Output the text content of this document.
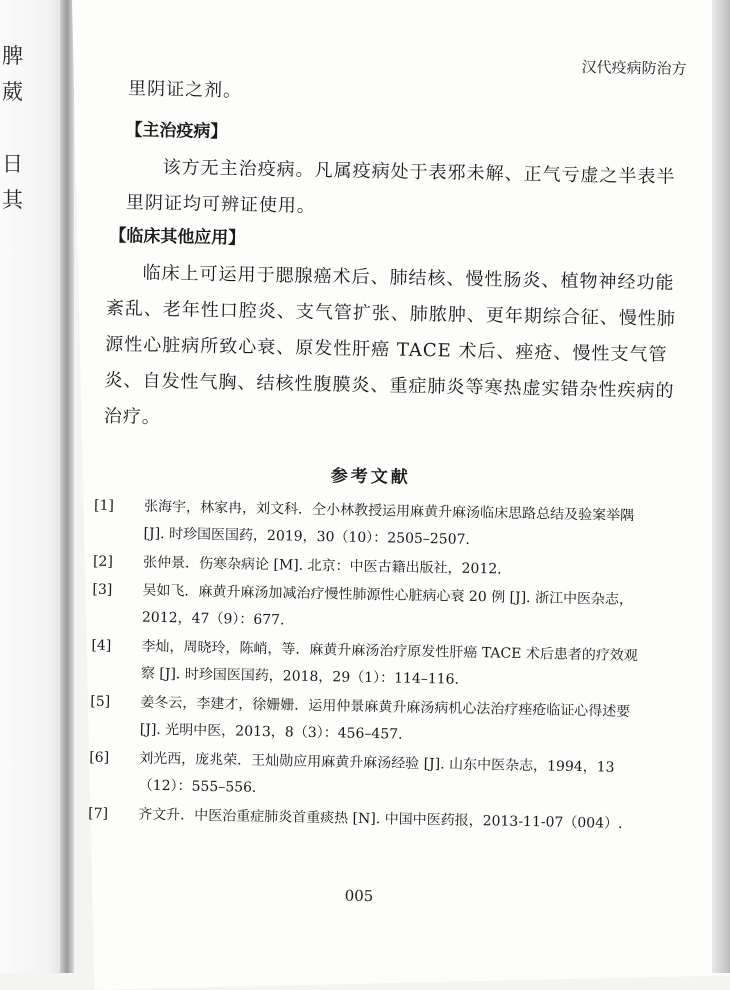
脾
葳
日
其
汉代疫病防治方
里阴证之剂。
【主治疫病】
该方无主治疫病。凡属疫病处于表邪未解、正气亏虚之半表半里阴证均可辨证使用。
【临床其他应用】
临床上可运用于腮腺癌术后、肺结核、慢性肠炎、植物神经功能紊乱、老年性口腔炎、支气管扩张、肺脓肿、更年期综合征、慢性肺源性心脏病所致心衰、原发性肝癌 TACE 术后、痤疮、慢性支气管炎、自发性气胸、结核性腹膜炎、重症肺炎等寒热虚实错杂性疾病的治疗。
参考文献
[1] 张海宇，林家冉，刘文科．仝小林教授运用麻黄升麻汤临床思路总结及验案举隅 [J]. 时珍国医国药，2019，30（10）：2505–2507.
[2] 张仲景．伤寒杂病论 [M]. 北京：中医古籍出版社，2012.
[3] 吴如飞．麻黄升麻汤加减治疗慢性肺源性心脏病心衰 20 例 [J]. 浙江中医杂志，2012，47（9）：677.
[4] 李灿，周晓玲，陈峭，等．麻黄升麻汤治疗原发性肝癌 TACE 术后患者的疗效观察 [J]. 时珍国医国药，2018，29（1）：114–116.
[5] 姜冬云，李建才，徐姗姗．运用仲景麻黄升麻汤病机心法治疗痤疮临证心得述要 [J]. 光明中医，2013，8（3）：456–457.
[6] 刘光西，庞兆荣．王灿勋应用麻黄升麻汤经验 [J]. 山东中医杂志，1994，13（12）：555–556.
[7] 齐文升．中医治重症肺炎首重痰热 [N]. 中国中医药报，2013-11-07（004）.
005
